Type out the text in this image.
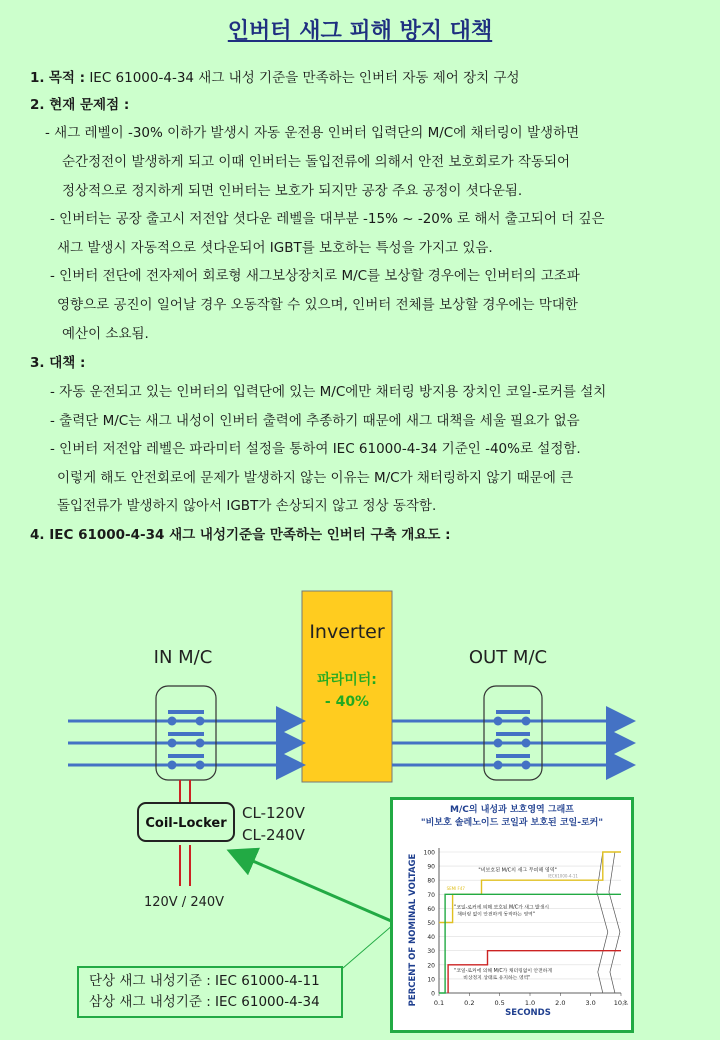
인버터 새그 피해 방지 대책
1. 목적 : IEC 61000-4-34 새그 내성 기준을 만족하는 인버터 자동 제어 장치 구성
2. 현재 문제점 :
- 새그 레벨이 -30% 이하가 발생시 자동 운전용 인버터 입력단의 M/C에 채터링이 발생하면
순간정전이 발생하게 되고 이때 인버터는 돌입전류에 의해서 안전 보호회로가 작동되어
정상적으로 정지하게 되면 인버터는 보호가 되지만 공장 주요 공정이 셧다운됨.
- 인버터는 공장 출고시 저전압 셧다운 레벨을 대부분 -15% ~ -20% 로 해서 출고되어 더 깊은
새그 발생시 자동적으로 셧다운되어 IGBT를 보호하는 특성을 가지고 있음.
- 인버터 전단에 전자제어 회로형 새그보상장치로 M/C를 보상할 경우에는 인버터의 고조파
영향으로 공진이 일어날 경우 오동작할 수 있으며, 인버터 전체를 보상할 경우에는 막대한
예산이 소요됨.
3. 대책 :
- 자동 운전되고 있는 인버터의 입력단에 있는 M/C에만 채터링 방지용 장치인 코일-로커를 설치
- 출력단 M/C는 새그 내성이 인버터 출력에 추종하기 때문에 새그 대책을 세울 필요가 없음
- 인버터 저전압 레벨은 파라미터 설정을 통하여 IEC 61000-4-34 기준인 -40%로 설정함.
이렇게 해도 안전회로에 문제가 발생하지 않는 이유는 M/C가 채터링하지 않기 때문에 큰
돌입전류가 발생하지 않아서 IGBT가 손상되지 않고 정상 동작함.
4. IEC 61000-4-34 새그 내성기준을 만족하는 인버터 구축 개요도 :
Inverter
파라미터:
- 40%
IN M/C	OUT M/C
Coil-Locker
CL-120V
CL-240V
120V / 240V
M/C의 내성과 보호영역 그래프
"비보호 솔레노이드 코일과 보호된 코일-로커"
PERCENT OF NOMINAL VOLTAGE
SECONDS
0
10
20
30
40
50
60
70
80
90
100
0.1	0.2	0.5	1.0	2.0	3.0	10초
"비보호된 M/C의 새그 무피해 영역"
"코일-로커에 의해 보호된 M/C가 새그 발생시
채터링 없이 안전하게 동작하는 영역"
"코일-로커에 의해 M/C가 채터링없이 안전하게
비상정지 상태로 유지하는 영역"
SEMI F47
IEC61000-4-11
단상 새그 내성기준 : IEC 61000-4-11
삼상 새그 내성기준 : IEC 61000-4-34
